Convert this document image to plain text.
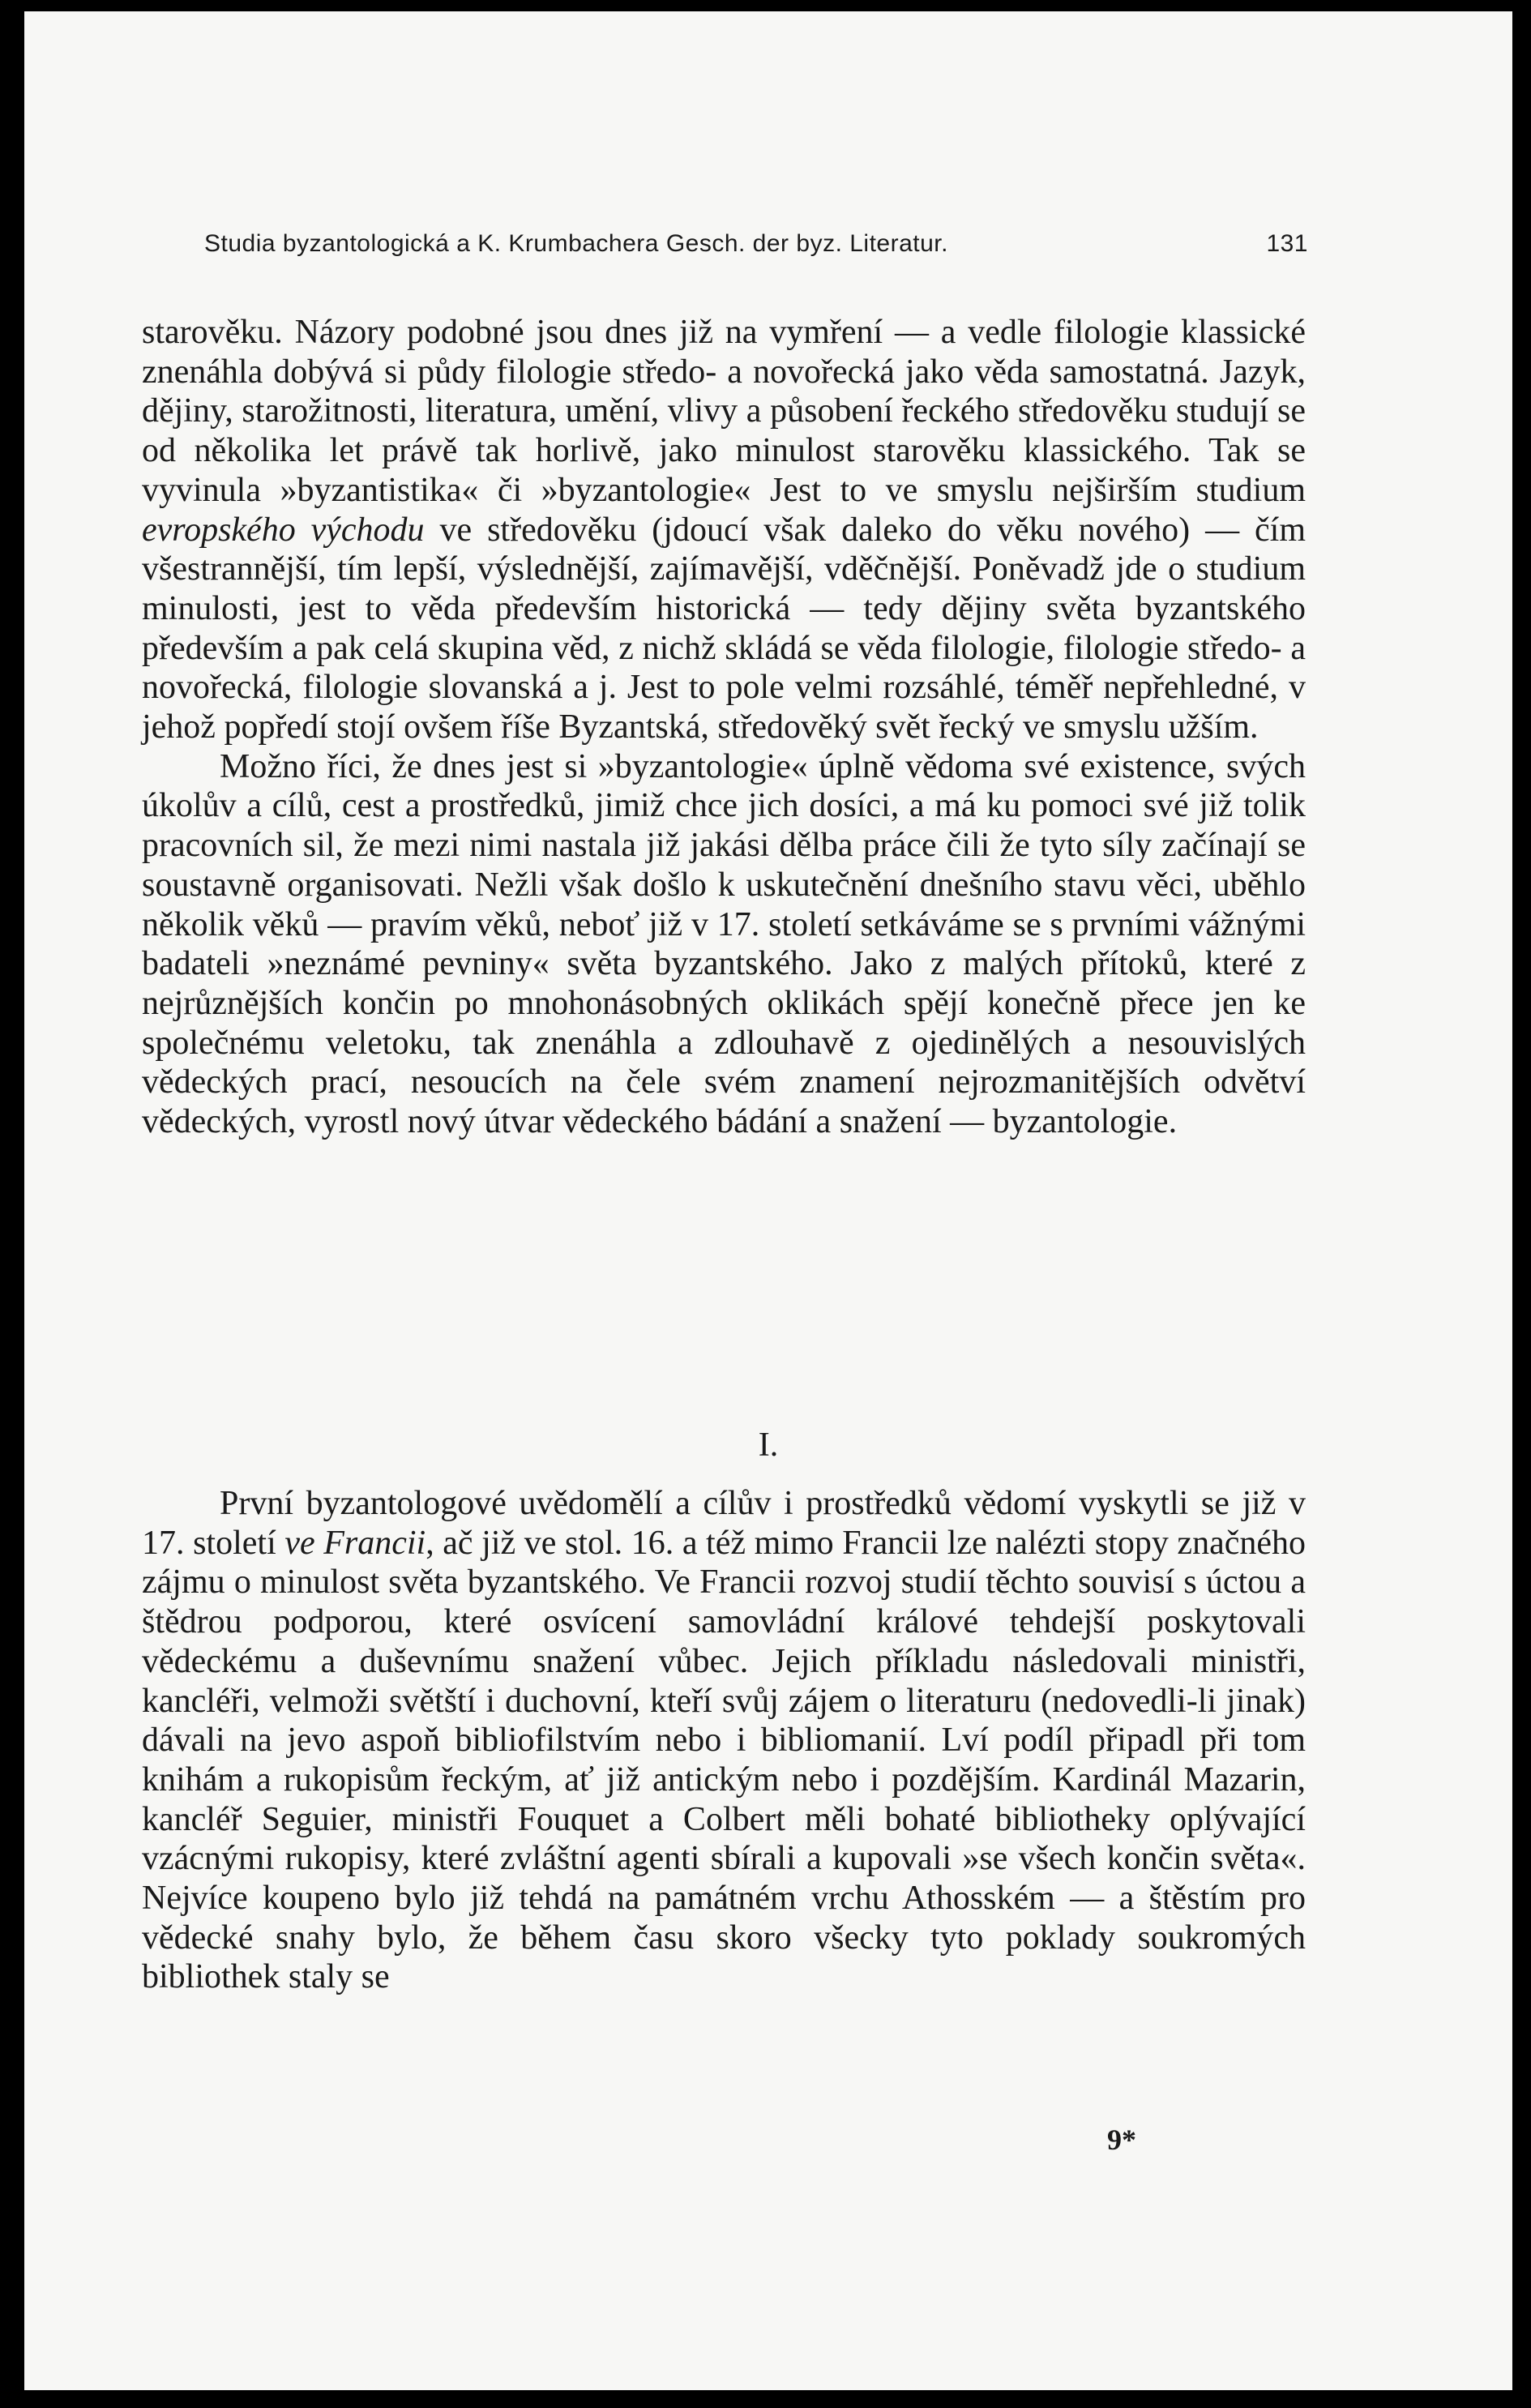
Studia byzantologická a K. Krumbachera Gesch. der byz. Literatur.	131

starověku. Názory podobné jsou dnes již na vymření — a vedle filologie klassické znenáhla dobývá si půdy filologie středo- a novořecká jako věda samostatná. Jazyk, dějiny, starožitnosti, literatura, umění, vlivy a působení řeckého středověku studují se od několika let právě tak horlivě, jako minulost starověku klassického. Tak se vyvinula »byzantistika« či »byzantologie« Jest to ve smyslu nejširším studium evropského východu ve středověku (jdoucí však daleko do věku nového) — čím všestrannější, tím lepší, výslednější, zajímavější, vděčnější. Poněvadž jde o studium minulosti, jest to věda především historická — tedy dějiny světa byzantského především a pak celá skupina věd, z nichž skládá se věda filologie, filologie středo- a novořecká, filologie slovanská a j. Jest to pole velmi rozsáhlé, téměř nepřehledné, v jehož popředí stojí ovšem říše Byzantská, středověký svět řecký ve smyslu užším.

Možno říci, že dnes jest si »byzantologie« úplně vědoma své existence, svých úkolův a cílů, cest a prostředků, jimiž chce jich dosíci, a má ku pomoci své již tolik pracovních sil, že mezi nimi nastala již jakási dělba práce čili že tyto síly začínají se soustavně organisovati. Nežli však došlo k uskutečnění dnešního stavu věci, uběhlo několik věků — pravím věků, neboť již v 17. století setkáváme se s prvními vážnými badateli »neznámé pevniny« světa byzantského. Jako z malých přítoků, které z nejrůznějších končin po mnohonásobných oklikách spějí konečně přece jen ke společnému veletoku, tak znenáhla a zdlouhavě z ojedinělých a nesouvislých vědeckých prací, nesoucích na čele svém znamení nejrozmanitějších odvětví vědeckých, vyrostl nový útvar vědeckého bádání a snažení — byzantologie.

I.

První byzantologové uvědomělí a cílův i prostředků vědomí vyskytli se již v 17. století ve Francii, ač již ve stol. 16. a též mimo Francii lze nalézti stopy značného zájmu o minulost světa byzantského. Ve Francii rozvoj studií těchto souvisí s úctou a štědrou podporou, které osvícení samovládní králové tehdejší poskytovali vědeckému a duševnímu snažení vůbec. Jejich příkladu následovali ministři, kancléři, velmoži světští i duchovní, kteří svůj zájem o literaturu (nedovedli-li jinak) dávali na jevo aspoň bibliofilstvím nebo i bibliomanií. Lví podíl připadl při tom knihám a rukopisům řeckým, ať již antickým nebo i pozdějším. Kardinál Mazarin, kancléř Seguier, ministři Fouquet a Colbert měli bohaté bibliotheky oplývající vzácnými rukopisy, které zvláštní agenti sbírali a kupovali »se všech končin světa«. Nejvíce koupeno bylo již tehdá na památném vrchu Athosském — a štěstím pro vědecké snahy bylo, že během času skoro všecky tyto poklady soukromých bibliothek staly se

9*
